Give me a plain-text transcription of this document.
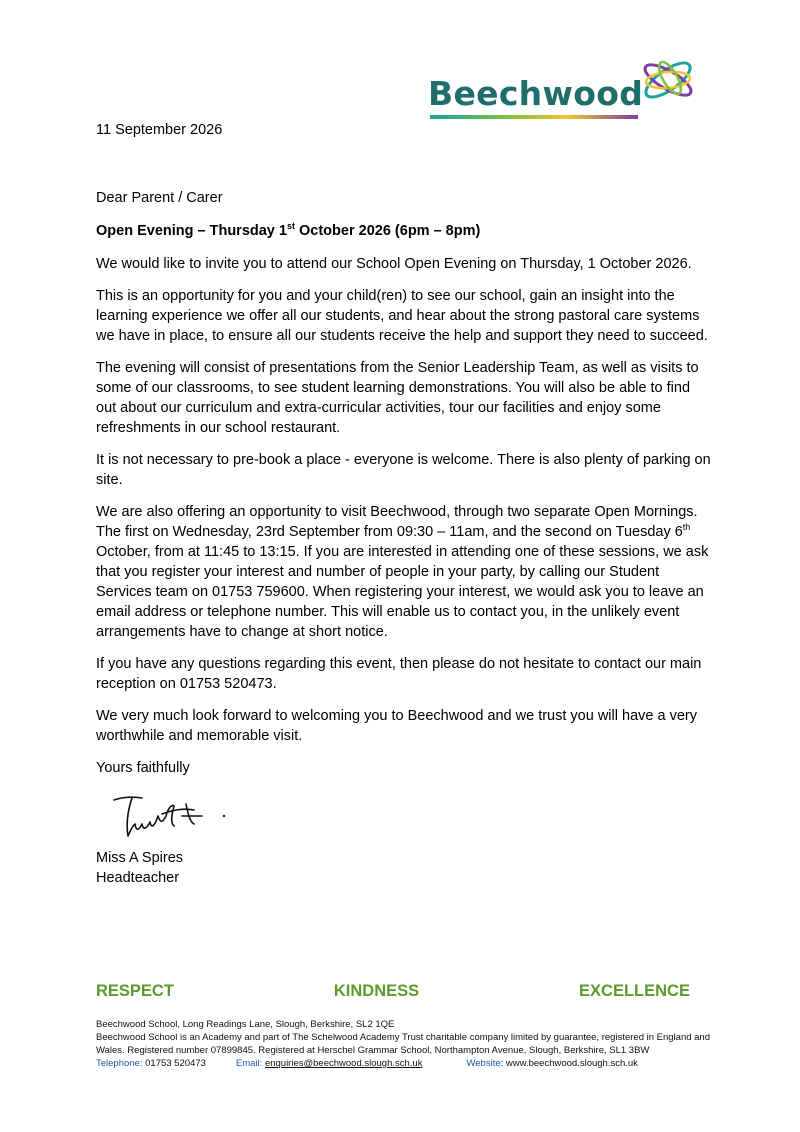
Beechwood
11 September 2026

Dear Parent / Carer

Open Evening – Thursday 1st October 2026 (6pm – 8pm)

We would like to invite you to attend our School Open Evening on Thursday, 1 October 2026.

This is an opportunity for you and your child(ren) to see our school, gain an insight into the learning experience we offer all our students, and hear about the strong pastoral care systems we have in place, to ensure all our students receive the help and support they need to succeed.

The evening will consist of presentations from the Senior Leadership Team, as well as visits to some of our classrooms, to see student learning demonstrations. You will also be able to find out about our curriculum and extra-curricular activities, tour our facilities and enjoy some refreshments in our school restaurant.

It is not necessary to pre-book a place - everyone is welcome. There is also plenty of parking on site.

We are also offering an opportunity to visit Beechwood, through two separate Open Mornings. The first on Wednesday, 23rd September from 09:30 – 11am, and the second on Tuesday 6th October, from at 11:45 to 13:15. If you are interested in attending one of these sessions, we ask that you register your interest and number of people in your party, by calling our Student Services team on 01753 759600. When registering your interest, we would ask you to leave an email address or telephone number. This will enable us to contact you, in the unlikely event arrangements have to change at short notice.

If you have any questions regarding this event, then please do not hesitate to contact our main reception on 01753 520473.

We very much look forward to welcoming you to Beechwood and we trust you will have a very worthwhile and memorable visit.

Yours faithfully

Miss A Spires

Headteacher

RESPECT	KINDNESS	EXCELLENCE
Beechwood School, Long Readings Lane, Slough, Berkshire, SL2 1QE
Beechwood School is an Academy and part of The Schelwood Academy Trust charitable company limited by guarantee, registered in England and Wales. Registered number 07899845. Registered at Herschel Grammar School, Northampton Avenue, Slough, Berkshire, SL1 3BW
Telephone:
01753 520473	Email:
enquiries@beechwood.slough.sch.uk	Website:
www.beechwood.slough.sch.uk
